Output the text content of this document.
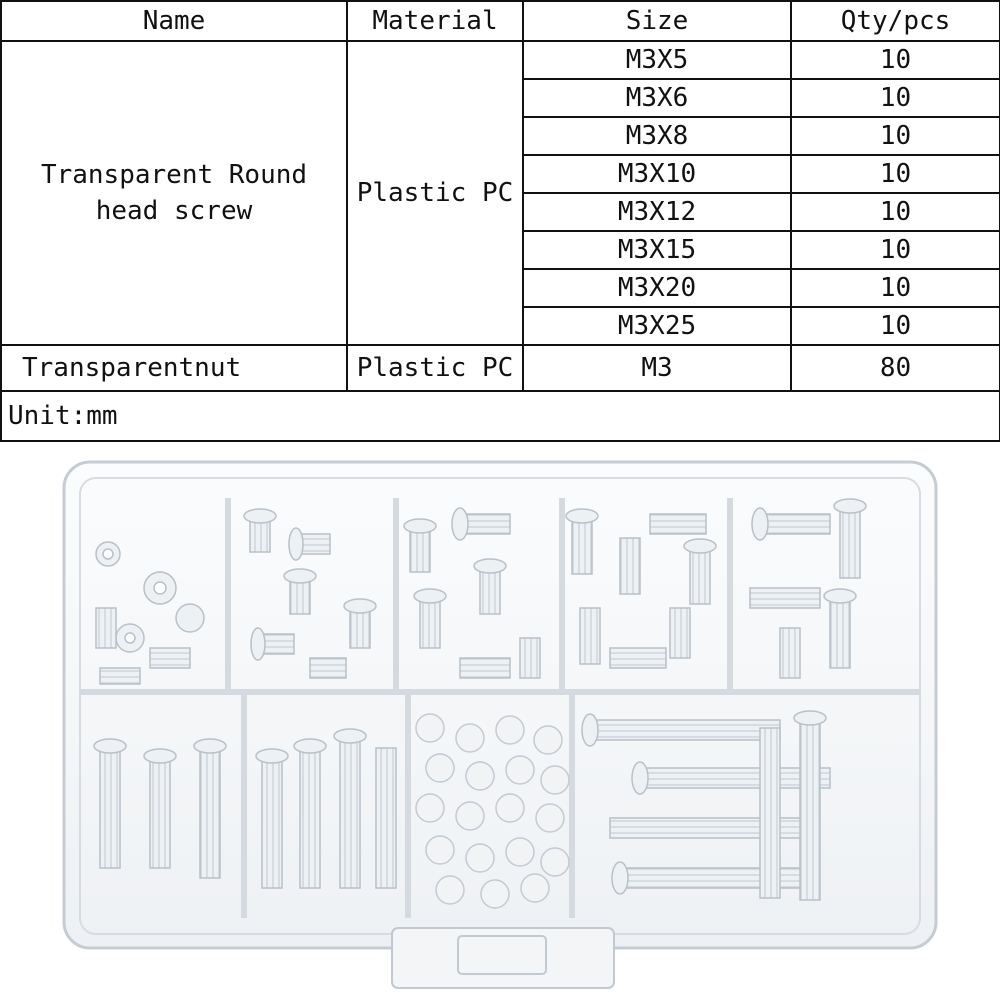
Name	Material	Size	Qty/pcs

Transparent Round
head screw	Plastic PC	M3X5	10
		M3X6	10
		M3X8	10
		M3X10	10
		M3X12	10
		M3X15	10
		M3X20	10
		M3X25	10
Transparentnut	Plastic PC	M3	80
Unit:mm			
